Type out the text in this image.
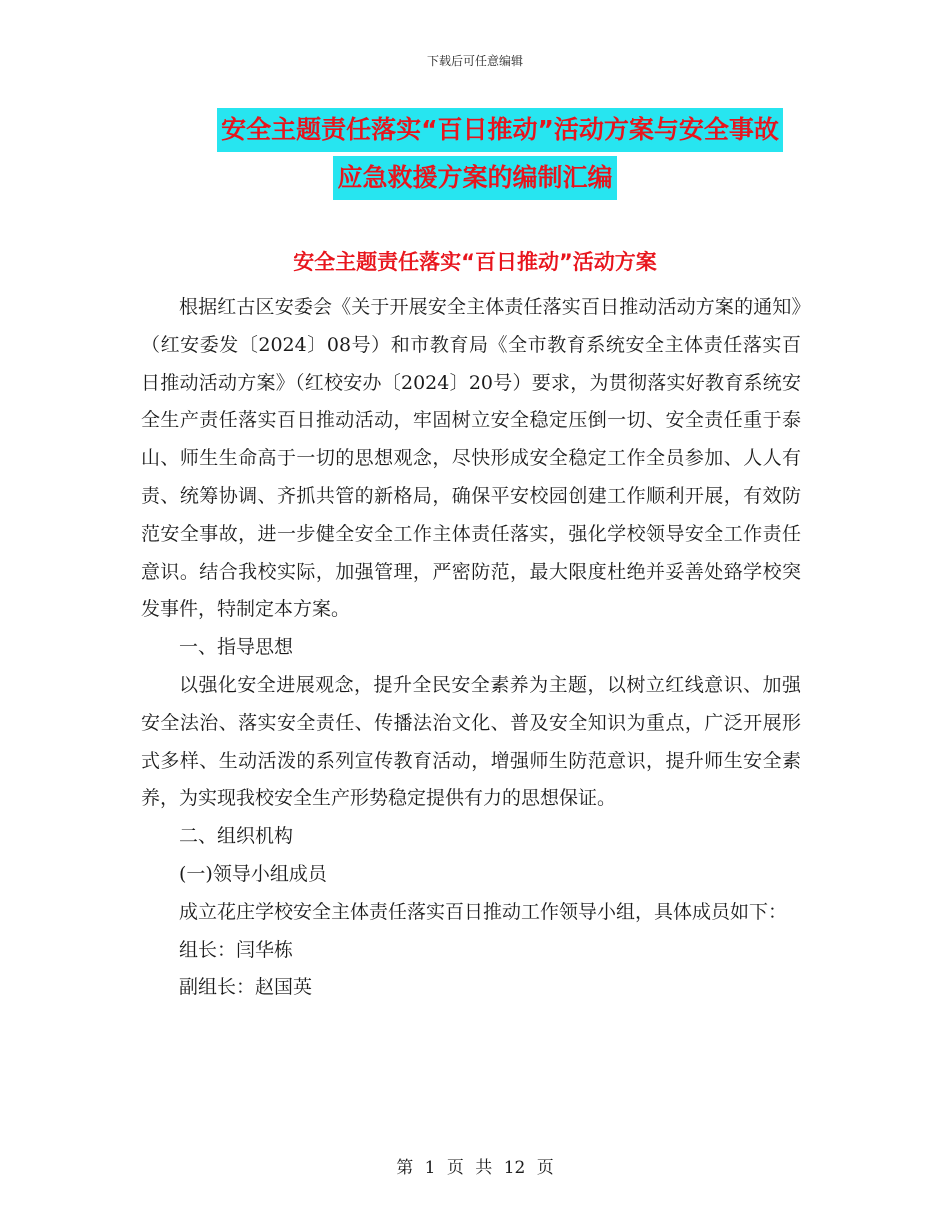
下载后可任意编辑
安全主题责任落实“百日推动”活动方案与安全事故
应急救援方案的编制汇编
安全主题责任落实“百日推动”活动方案

根据红古区安委会《关于开展安全主体责任落实百日推动活动方案的通知》（红安委发〔2024〕08号）和市教育局《全市教育系统安全主体责任落实百日推动活动方案》（红校安办〔2024〕20号）要求，为贯彻落实好教育系统安全生产责任落实百日推动活动，牢固树立安全稳定压倒一切、安全责任重于泰山、师生生命高于一切的思想观念，尽快形成安全稳定工作全员参加、人人有责、统筹协调、齐抓共管的新格局，确保平安校园创建工作顺利开展，有效防范安全事故，进一步健全安全工作主体责任落实，强化学校领导安全工作责任意识。结合我校实际，加强管理，严密防范，最大限度杜绝并妥善处臵学校突发事件，特制定本方案。

一、指导思想

以强化安全进展观念，提升全民安全素养为主题，以树立红线意识、加强安全法治、落实安全责任、传播法治文化、普及安全知识为重点，广泛开展形式多样、生动活泼的系列宣传教育活动，增强师生防范意识，提升师生安全素养，为实现我校安全生产形势稳定提供有力的思想保证。

二、组织机构

(一)领导小组成员

成立花庄学校安全主体责任落实百日推动工作领导小组，具体成员如下：

组长：闫华栋

副组长：赵国英

第 1 页 共 12 页
